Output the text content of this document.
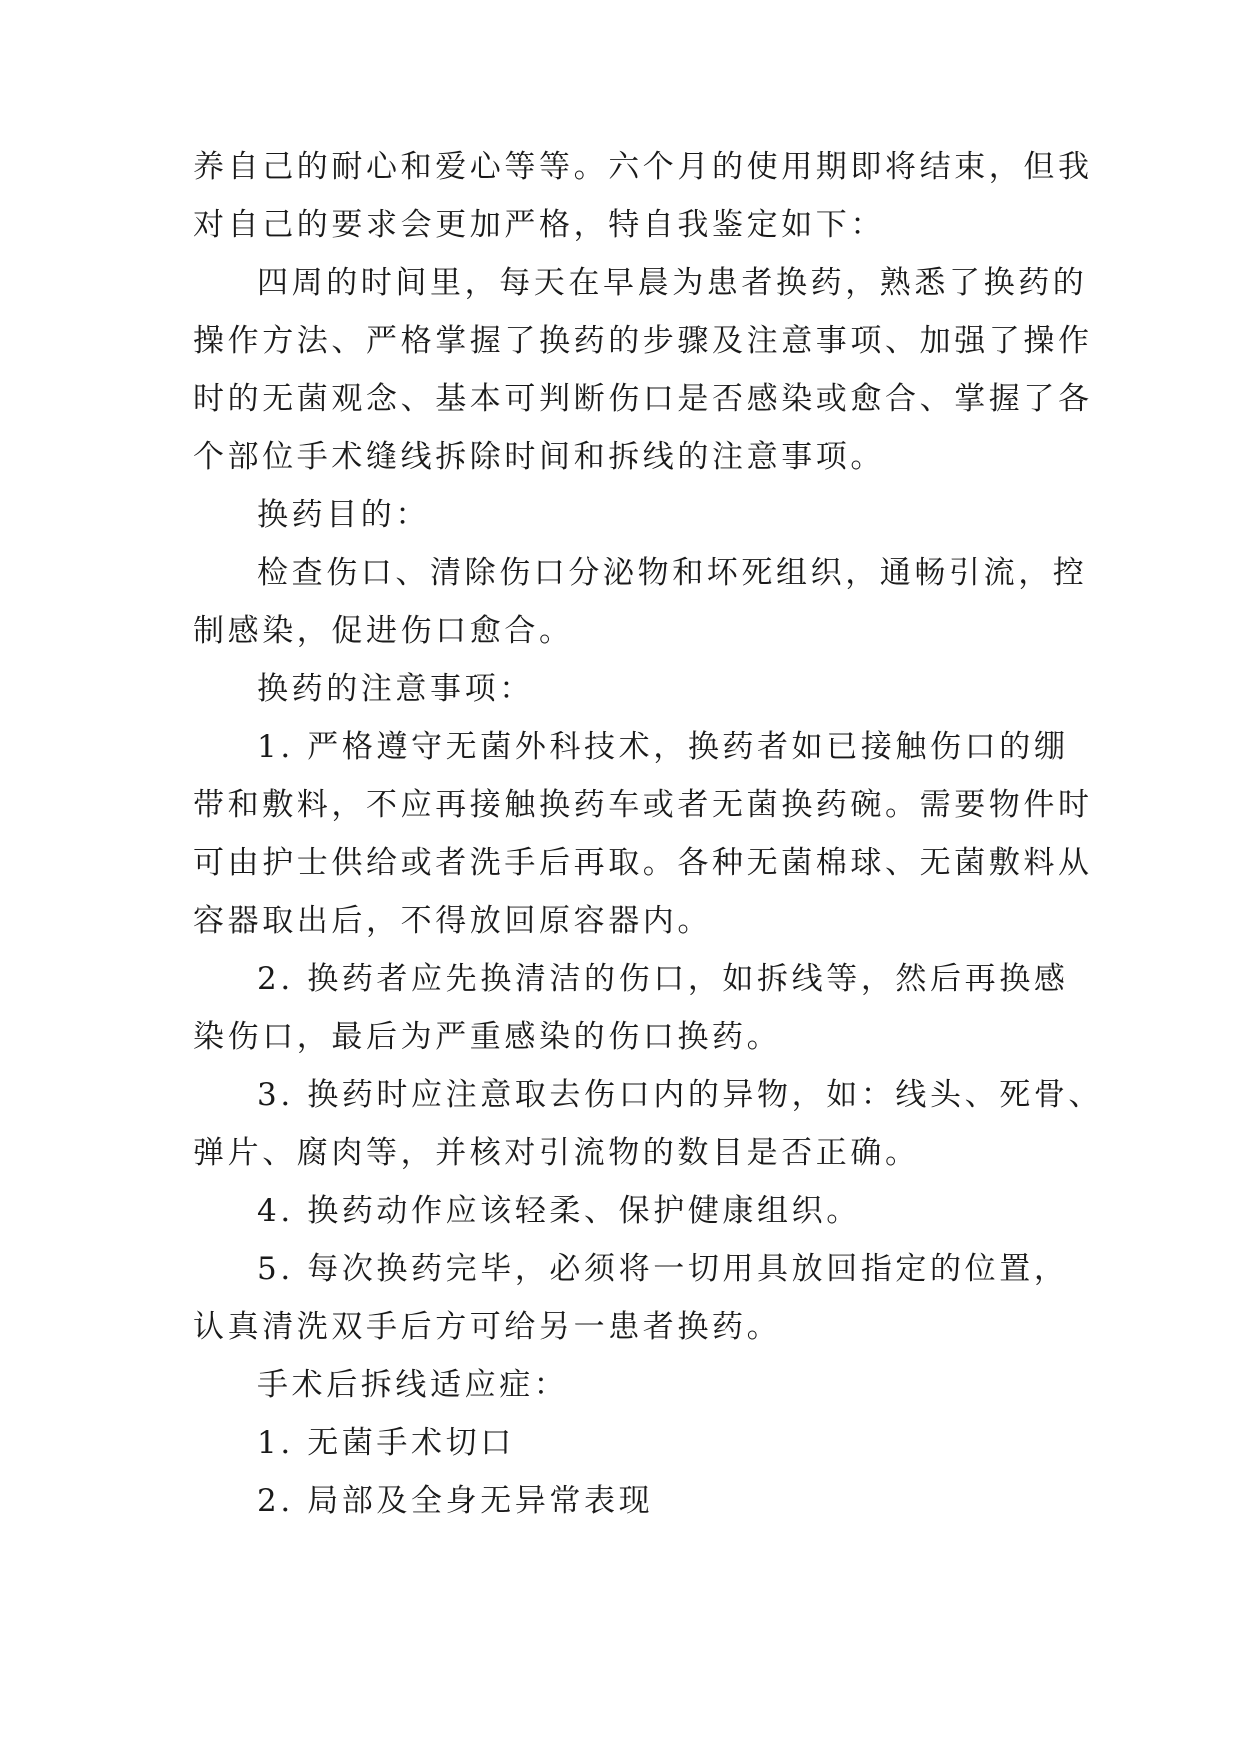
养自己的耐心和爱心等等。六个月的使用期即将结束，但我

对自己的要求会更加严格，特自我鉴定如下：

四周的时间里，每天在早晨为患者换药，熟悉了换药的

操作方法、严格掌握了换药的步骤及注意事项、加强了操作

时的无菌观念、基本可判断伤口是否感染或愈合、掌握了各

个部位手术缝线拆除时间和拆线的注意事项。

换药目的：

检查伤口、清除伤口分泌物和坏死组织，通畅引流，控

制感染，促进伤口愈合。

换药的注意事项：

1. 严格遵守无菌外科技术，换药者如已接触伤口的绷

带和敷料，不应再接触换药车或者无菌换药碗。需要物件时

可由护士供给或者洗手后再取。各种无菌棉球、无菌敷料从

容器取出后，不得放回原容器内。

2. 换药者应先换清洁的伤口，如拆线等，然后再换感

染伤口，最后为严重感染的伤口换药。

3. 换药时应注意取去伤口内的异物，如：线头、死骨、

弹片、腐肉等，并核对引流物的数目是否正确。

4. 换药动作应该轻柔、保护健康组织。

5. 每次换药完毕，必须将一切用具放回指定的位置，

认真清洗双手后方可给另一患者换药。

手术后拆线适应症：

1. 无菌手术切口

2. 局部及全身无异常表现
